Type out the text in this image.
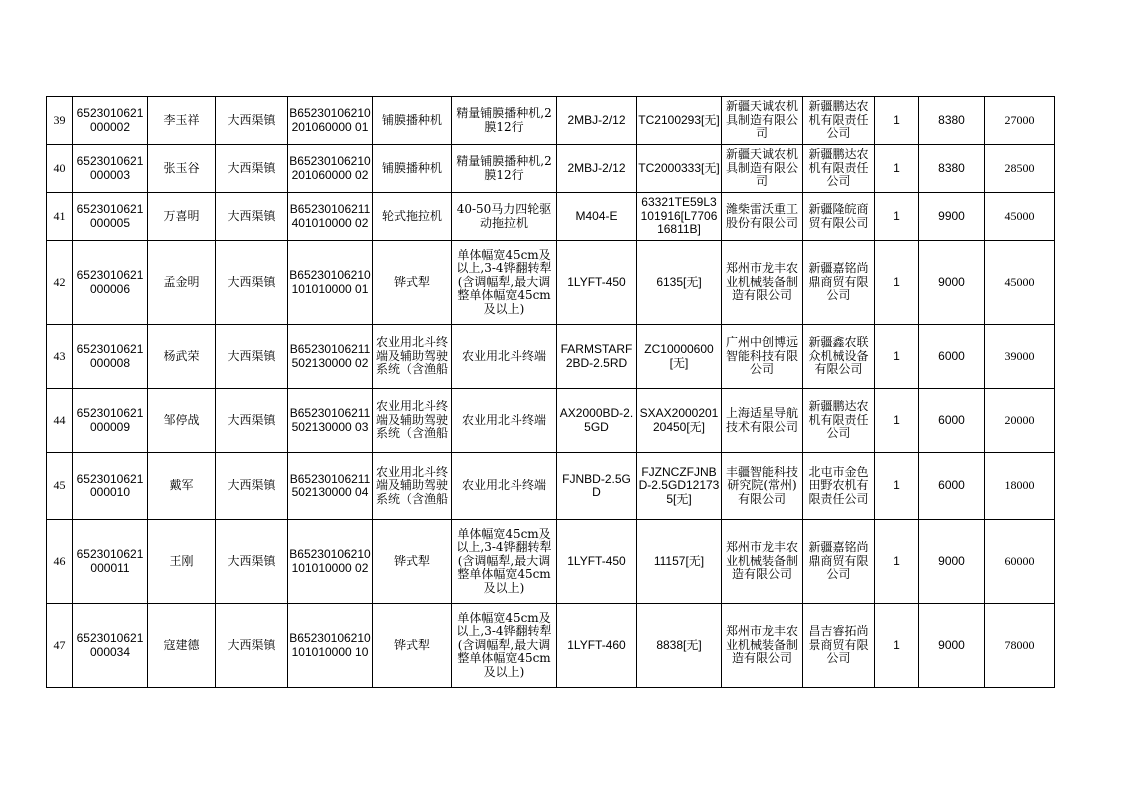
39	6523010621000002	李玉祥	大西渠镇	B65230106210201060000 01	铺膜播种机	精量铺膜播种机,2膜12行	2MBJ-2/12	TC2100293[无]	新疆天诚农机具制造有限公司	新疆鹏达农机有限责任公司	1	8380	27000

40	6523010621000003	张玉谷	大西渠镇	B65230106210201060000 02	铺膜播种机	精量铺膜播种机,2膜12行	2MBJ-2/12	TC2000333[无]	新疆天诚农机具制造有限公司	新疆鹏达农机有限责任公司	1	8380	28500

41	6523010621000005	万喜明	大西渠镇	B65230106211401010000 02	轮式拖拉机	40-50马力四轮驱动拖拉机	M404-E	63321TE59L3101916[L770616811B]	潍柴雷沃重工股份有限公司	新疆隆皖商贸有限公司	1	9900	45000

42	6523010621000006	孟金明	大西渠镇	B65230106210101010000 01	铧式犁	单体幅宽45cm及以上,3-4铧翻转犁(含调幅犁,最大调整单体幅宽45cm及以上)	1LYFT-450	6135[无]	郑州市龙丰农业机械装备制造有限公司	新疆嘉铭尚鼎商贸有限公司	1	9000	45000

43	6523010621000008	杨武荣	大西渠镇	B65230106211502130000 02	农业用北斗终端及辅助驾驶系统（含渔船	农业用北斗终端	FARMSTARF2BD-2.5RD	ZC10000600[无]	广州中创博远智能科技有限公司	新疆鑫农联众机械设备有限公司	1	6000	39000

44	6523010621000009	邹停战	大西渠镇	B65230106211502130000 03	农业用北斗终端及辅助驾驶系统（含渔船	农业用北斗终端	AX2000BD-2.5GD	SXAX200020120450[无]	上海适星导航技术有限公司	新疆鹏达农机有限责任公司	1	6000	20000

45	6523010621000010	戴军	大西渠镇	B65230106211502130000 04	农业用北斗终端及辅助驾驶系统（含渔船	农业用北斗终端	FJNBD-2.5GD	FJZNCZFJNBD-2.5GD121735[无]	丰疆智能科技研究院(常州)有限公司	北屯市金色田野农机有限责任公司	1	6000	18000

46	6523010621000011	王刚	大西渠镇	B65230106210101010000 02	铧式犁	单体幅宽45cm及以上,3-4铧翻转犁(含调幅犁,最大调整单体幅宽45cm及以上)	1LYFT-450	11157[无]	郑州市龙丰农业机械装备制造有限公司	新疆嘉铭尚鼎商贸有限公司	1	9000	60000

47	6523010621000034	寇建德	大西渠镇	B65230106210101010000 10	铧式犁	单体幅宽45cm及以上,3-4铧翻转犁(含调幅犁,最大调整单体幅宽45cm及以上)	1LYFT-460	8838[无]	郑州市龙丰农业机械装备制造有限公司	昌吉睿拓尚景商贸有限公司	1	9000	78000
